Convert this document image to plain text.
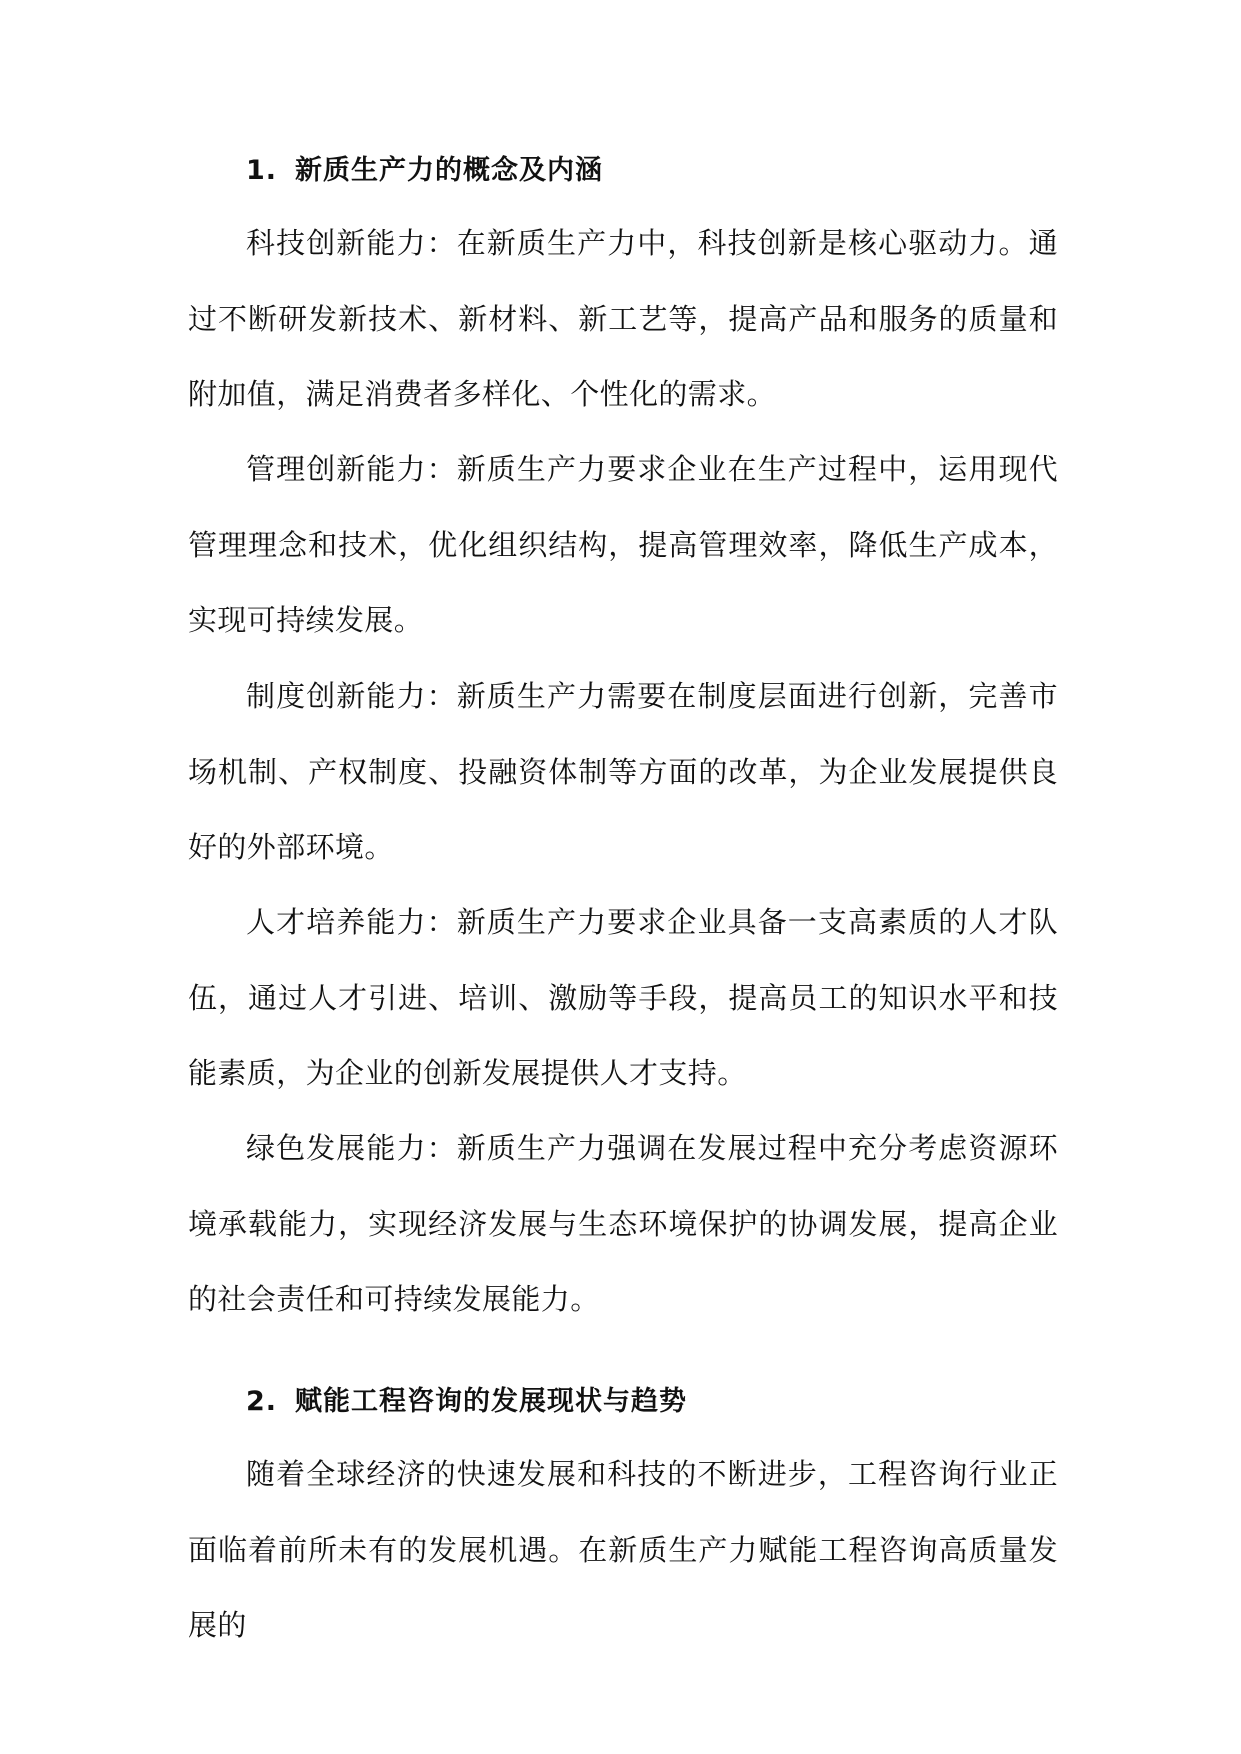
1. 新质生产力的概念及内涵

科技创新能力：在新质生产力中，科技创新是核心驱动力。通过不断研发新技术、新材料、新工艺等，提高产品和服务的质量和附加值，满足消费者多样化、个性化的需求。

管理创新能力：新质生产力要求企业在生产过程中，运用现代管理理念和技术，优化组织结构，提高管理效率，降低生产成本，实现可持续发展。

制度创新能力：新质生产力需要在制度层面进行创新，完善市场机制、产权制度、投融资体制等方面的改革，为企业发展提供良好的外部环境。

人才培养能力：新质生产力要求企业具备一支高素质的人才队伍，通过人才引进、培训、激励等手段，提高员工的知识水平和技能素质，为企业的创新发展提供人才支持。

绿色发展能力：新质生产力强调在发展过程中充分考虑资源环境承载能力，实现经济发展与生态环境保护的协调发展，提高企业的社会责任和可持续发展能力。

2. 赋能工程咨询的发展现状与趋势

随着全球经济的快速发展和科技的不断进步，工程咨询行业正面临着前所未有的发展机遇。在新质生产力赋能工程咨询高质量发展的
